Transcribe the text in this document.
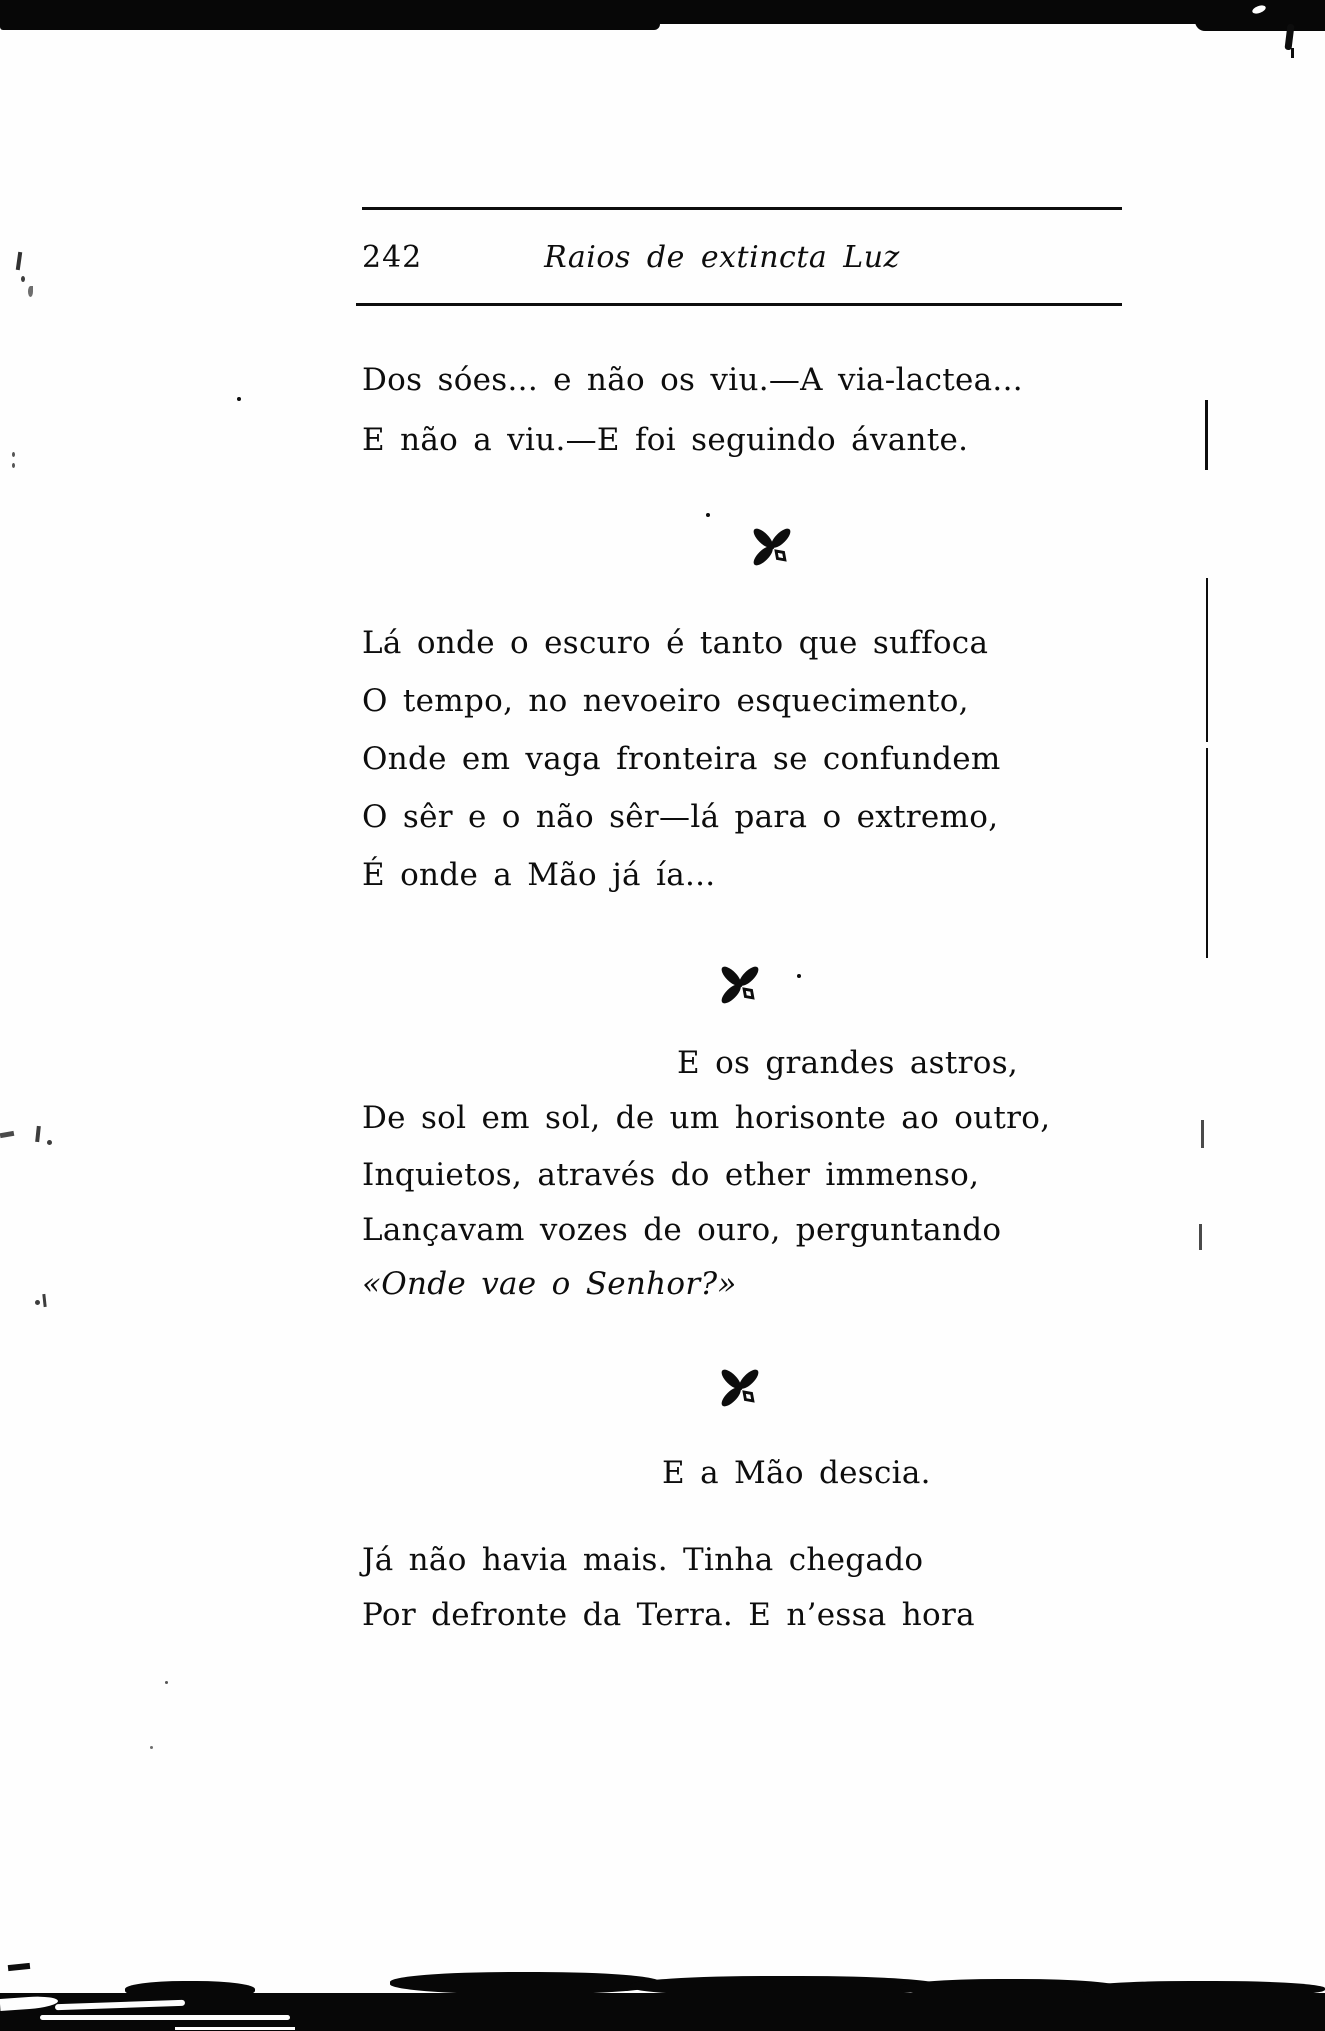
242	Raios de extincta Luz
Dos sóes... e não os viu.—A via-lactea...
E não a viu.—E foi seguindo ávante.
Lá onde o escuro é tanto que suffoca
O tempo, no nevoeiro esquecimento,
Onde em vaga fronteira se confundem
O sêr e o não sêr—lá para o extremo,
É onde a Mão já ía...
E os grandes astros,
De sol em sol, de um horisonte ao outro,
Inquietos, através do ether immenso,
Lançavam vozes de ouro, perguntando
«Onde vae o Senhor?»
E a Mão descia.
Já não havia mais. Tinha chegado
Por defronte da Terra. E n’essa hora
